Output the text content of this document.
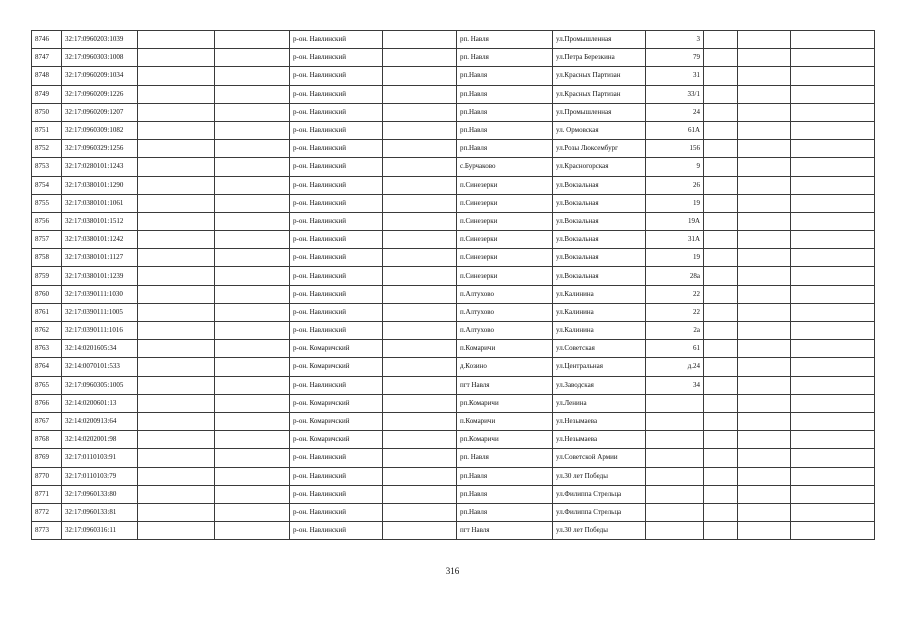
8746	32:17:0960203:1039			р-он. Навлинский		рп. Навля	ул.Промышленная	3			
8747	32:17:0960303:1008			р-он. Навлинский		рп. Навля	ул.Петра Березкина	79			
8748	32:17:0960209:1034			р-он. Навлинский		рп.Навля	ул.Красных Партизан	31			
8749	32:17:0960209:1226			р-он. Навлинский		рп.Навля	ул.Красных Партизан	33/1			
8750	32:17:0960209:1207			р-он. Навлинский		рп.Навля	ул.Промышленная	24			
8751	32:17:0960309:1082			р-он. Навлинский		рп.Навля	ул. Ормовская	61А			
8752	32:17:0960329:1256			р-он. Навлинский		рп.Навля	ул.Розы Люксембург	156			
8753	32:17:0280101:1243			р-он. Навлинский		с.Бурчаково	ул.Красногорская	9			
8754	32:17:0380101:1290			р-он. Навлинский		п.Синезерки	ул.Вокзальная	26			
8755	32:17:0380101:1061			р-он. Навлинский		п.Синезерки	ул.Вокзальная	19			
8756	32:17:0380101:1512			р-он. Навлинский		п.Синезерки	ул.Вокзальная	19А			
8757	32:17:0380101:1242			р-он. Навлинский		п.Синезерки	ул.Вокзальная	31А			
8758	32:17:0380101:1127			р-он. Навлинский		п.Синезерки	ул.Вокзальная	19			
8759	32:17:0380101:1239			р-он. Навлинский		п.Синезерки	ул.Вокзальная	28а			
8760	32:17:0390111:1030			р-он. Навлинский		п.Алтухово	ул.Калинина	22			
8761	32:17:0390111:1005			р-он. Навлинский		п.Алтухово	ул.Калинина	22			
8762	32:17:0390111:1016			р-он. Навлинский		п.Алтухово	ул.Калинина	2а			
8763	32:14:0201605:34			р-он. Комаричский		п.Комаричи	ул.Советская	61			
8764	32:14:0070101:533			р-он. Комаричский		д.Козино	ул.Центральная	д.24			
8765	32:17:0960305:1005			р-он. Навлинский		пгт Навля	ул.Заводская	34			
8766	32:14:0200601:13			р-он. Комаричский		рп.Комаричи	ул.Ленина				
8767	32:14:0200913:64			р-он. Комаричский		п.Комаричи	ул.Незымаева				
8768	32:14:0202001:98			р-он. Комаричский		рп.Комаричи	ул.Незымаева				
8769	32:17:0110103:91			р-он. Навлинский		рп. Навля	ул.Советской Армии				
8770	32:17:0110103:79			р-он. Навлинский		рп.Навля	ул.30 лет Победы				
8771	32:17:0960133:80			р-он. Навлинский		рп.Навля	ул.Филиппа Стрельца				
8772	32:17:0960133:81			р-он. Навлинский		рп.Навля	ул.Филиппа Стрельца				
8773	32:17:0960316:11			р-он. Навлинский		пгт Навля	ул.30 лет Победы				
316
